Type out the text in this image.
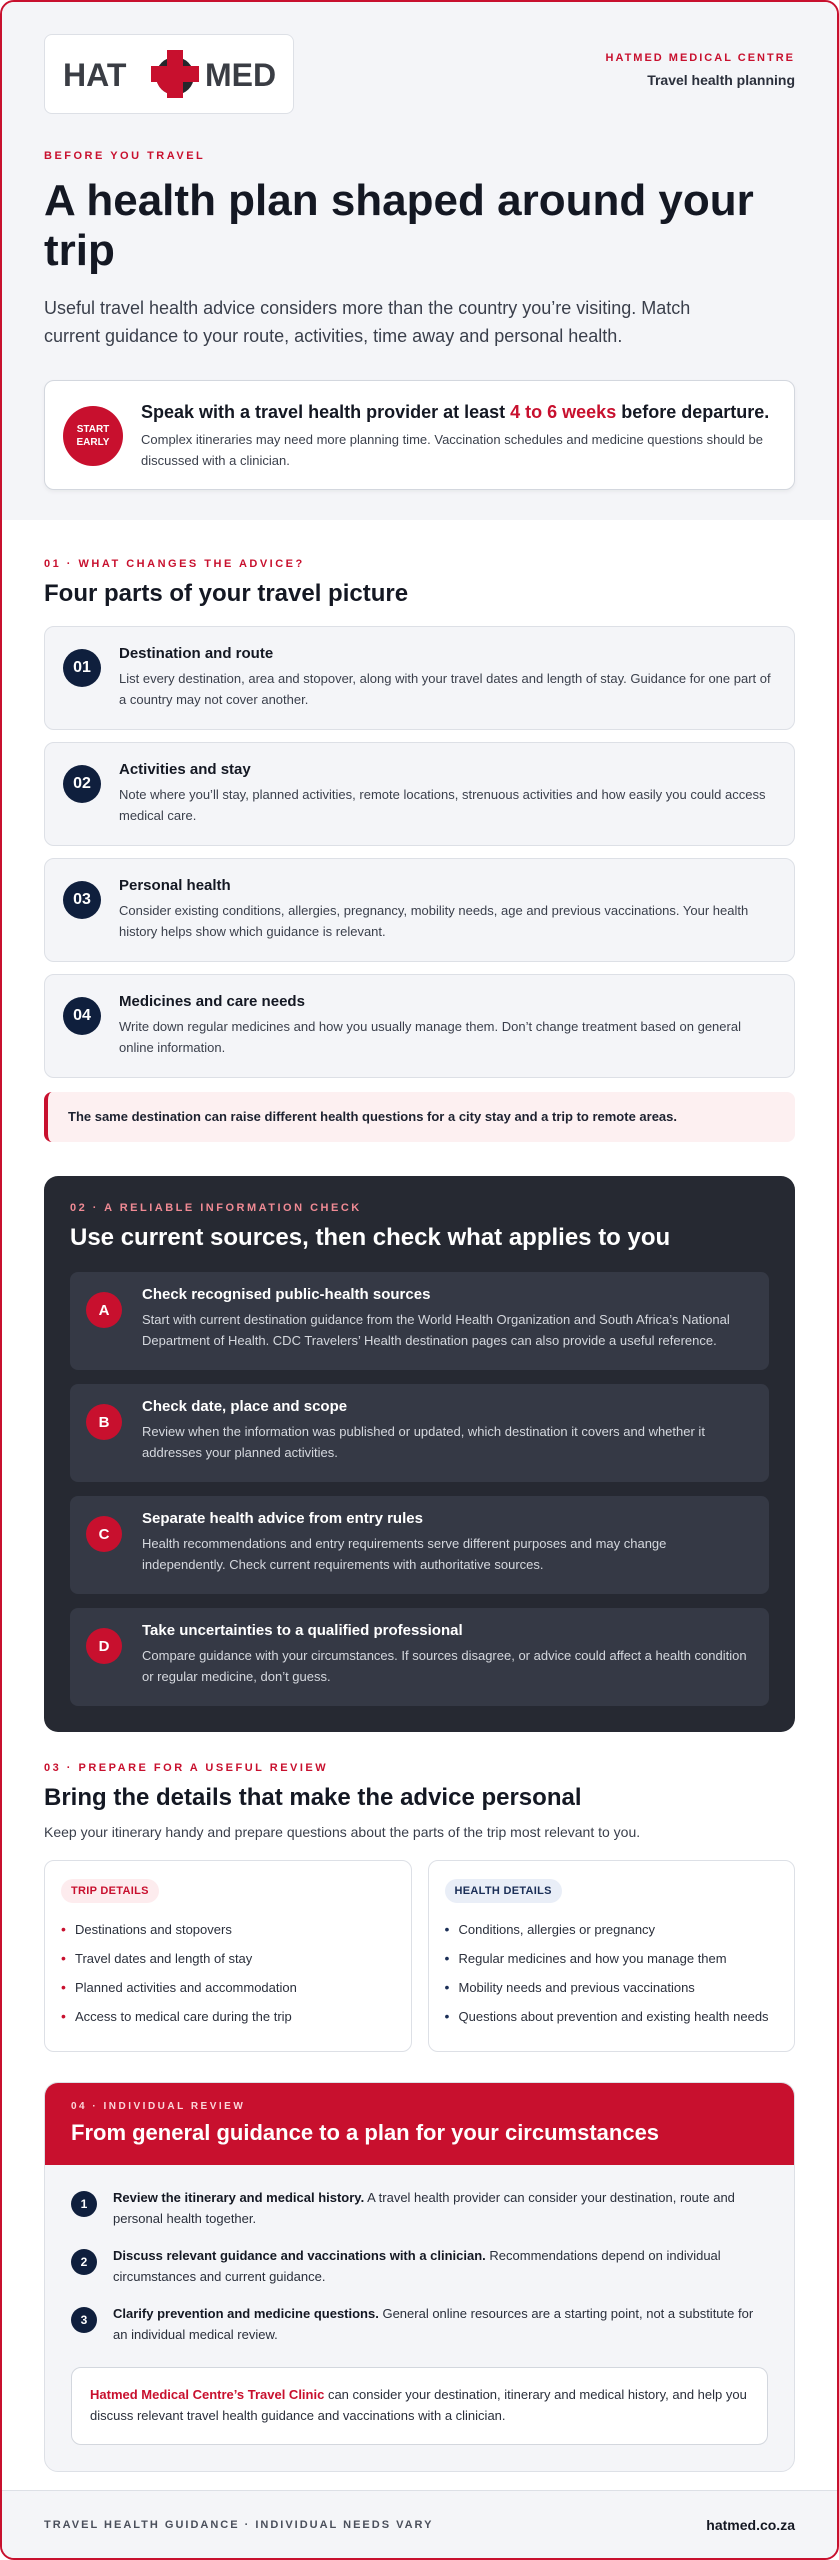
HAT MED	HATMED MEDICAL CENTRE
Travel health planning
BEFORE YOU TRAVEL
A health plan shaped around your trip

Useful travel health advice considers more than the country you’re visiting. Match current guidance to your route, activities, time away and personal health.

START EARLY
Speak with a travel health provider at least 4 to 6 weeks before departure.
Complex itineraries may need more planning time. Vaccination schedules and medicine questions should be discussed with a clinician.
01 · WHAT CHANGES THE ADVICE?
Four parts of your travel picture
01
Destination and route
List every destination, area and stopover, along with your travel dates and length of stay. Guidance for one part of a country may not cover another.
02
Activities and stay
Note where you’ll stay, planned activities, remote locations, strenuous activities and how easily you could access medical care.
03
Personal health
Consider existing conditions, allergies, pregnancy, mobility needs, age and previous vaccinations. Your health history helps show which guidance is relevant.
04
Medicines and care needs
Write down regular medicines and how you usually manage them. Don’t change treatment based on general online information.
The same destination can raise different health questions for a city stay and a trip to remote areas.
02 · A RELIABLE INFORMATION CHECK
Use current sources, then check what applies to you
A
Check recognised public-health sources
Start with current destination guidance from the World Health Organization and South Africa’s National Department of Health. CDC Travelers’ Health destination pages can also provide a useful reference.
B
Check date, place and scope
Review when the information was published or updated, which destination it covers and whether it addresses your planned activities.
C
Separate health advice from entry rules
Health recommendations and entry requirements serve different purposes and may change independently. Check current requirements with authoritative sources.
D
Take uncertainties to a qualified professional
Compare guidance with your circumstances. If sources disagree, or advice could affect a health condition or regular medicine, don’t guess.
03 · PREPARE FOR A USEFUL REVIEW
Bring the details that make the advice personal

Keep your itinerary handy and prepare questions about the parts of the trip most relevant to you.

TRIP DETAILS
• Destinations and stopovers
• Travel dates and length of stay
• Planned activities and accommodation
• Access to medical care during the trip
HEALTH DETAILS
• Conditions, allergies or pregnancy
• Regular medicines and how you manage them
• Mobility needs and previous vaccinations
• Questions about prevention and existing health needs
04 · INDIVIDUAL REVIEW
From general guidance to a plan for your circumstances
1	Review the itinerary and medical history. A travel health provider can consider your destination, route and personal health together.
2	Discuss relevant guidance and vaccinations with a clinician. Recommendations depend on individual circumstances and current guidance.
3	Clarify prevention and medicine questions. General online resources are a starting point, not a substitute for an individual medical review.
Hatmed Medical Centre’s Travel Clinic can consider your destination, itinerary and medical history, and help you discuss relevant travel health guidance and vaccinations with a clinician.
TRAVEL HEALTH GUIDANCE · INDIVIDUAL NEEDS VARY	hatmed.co.za
